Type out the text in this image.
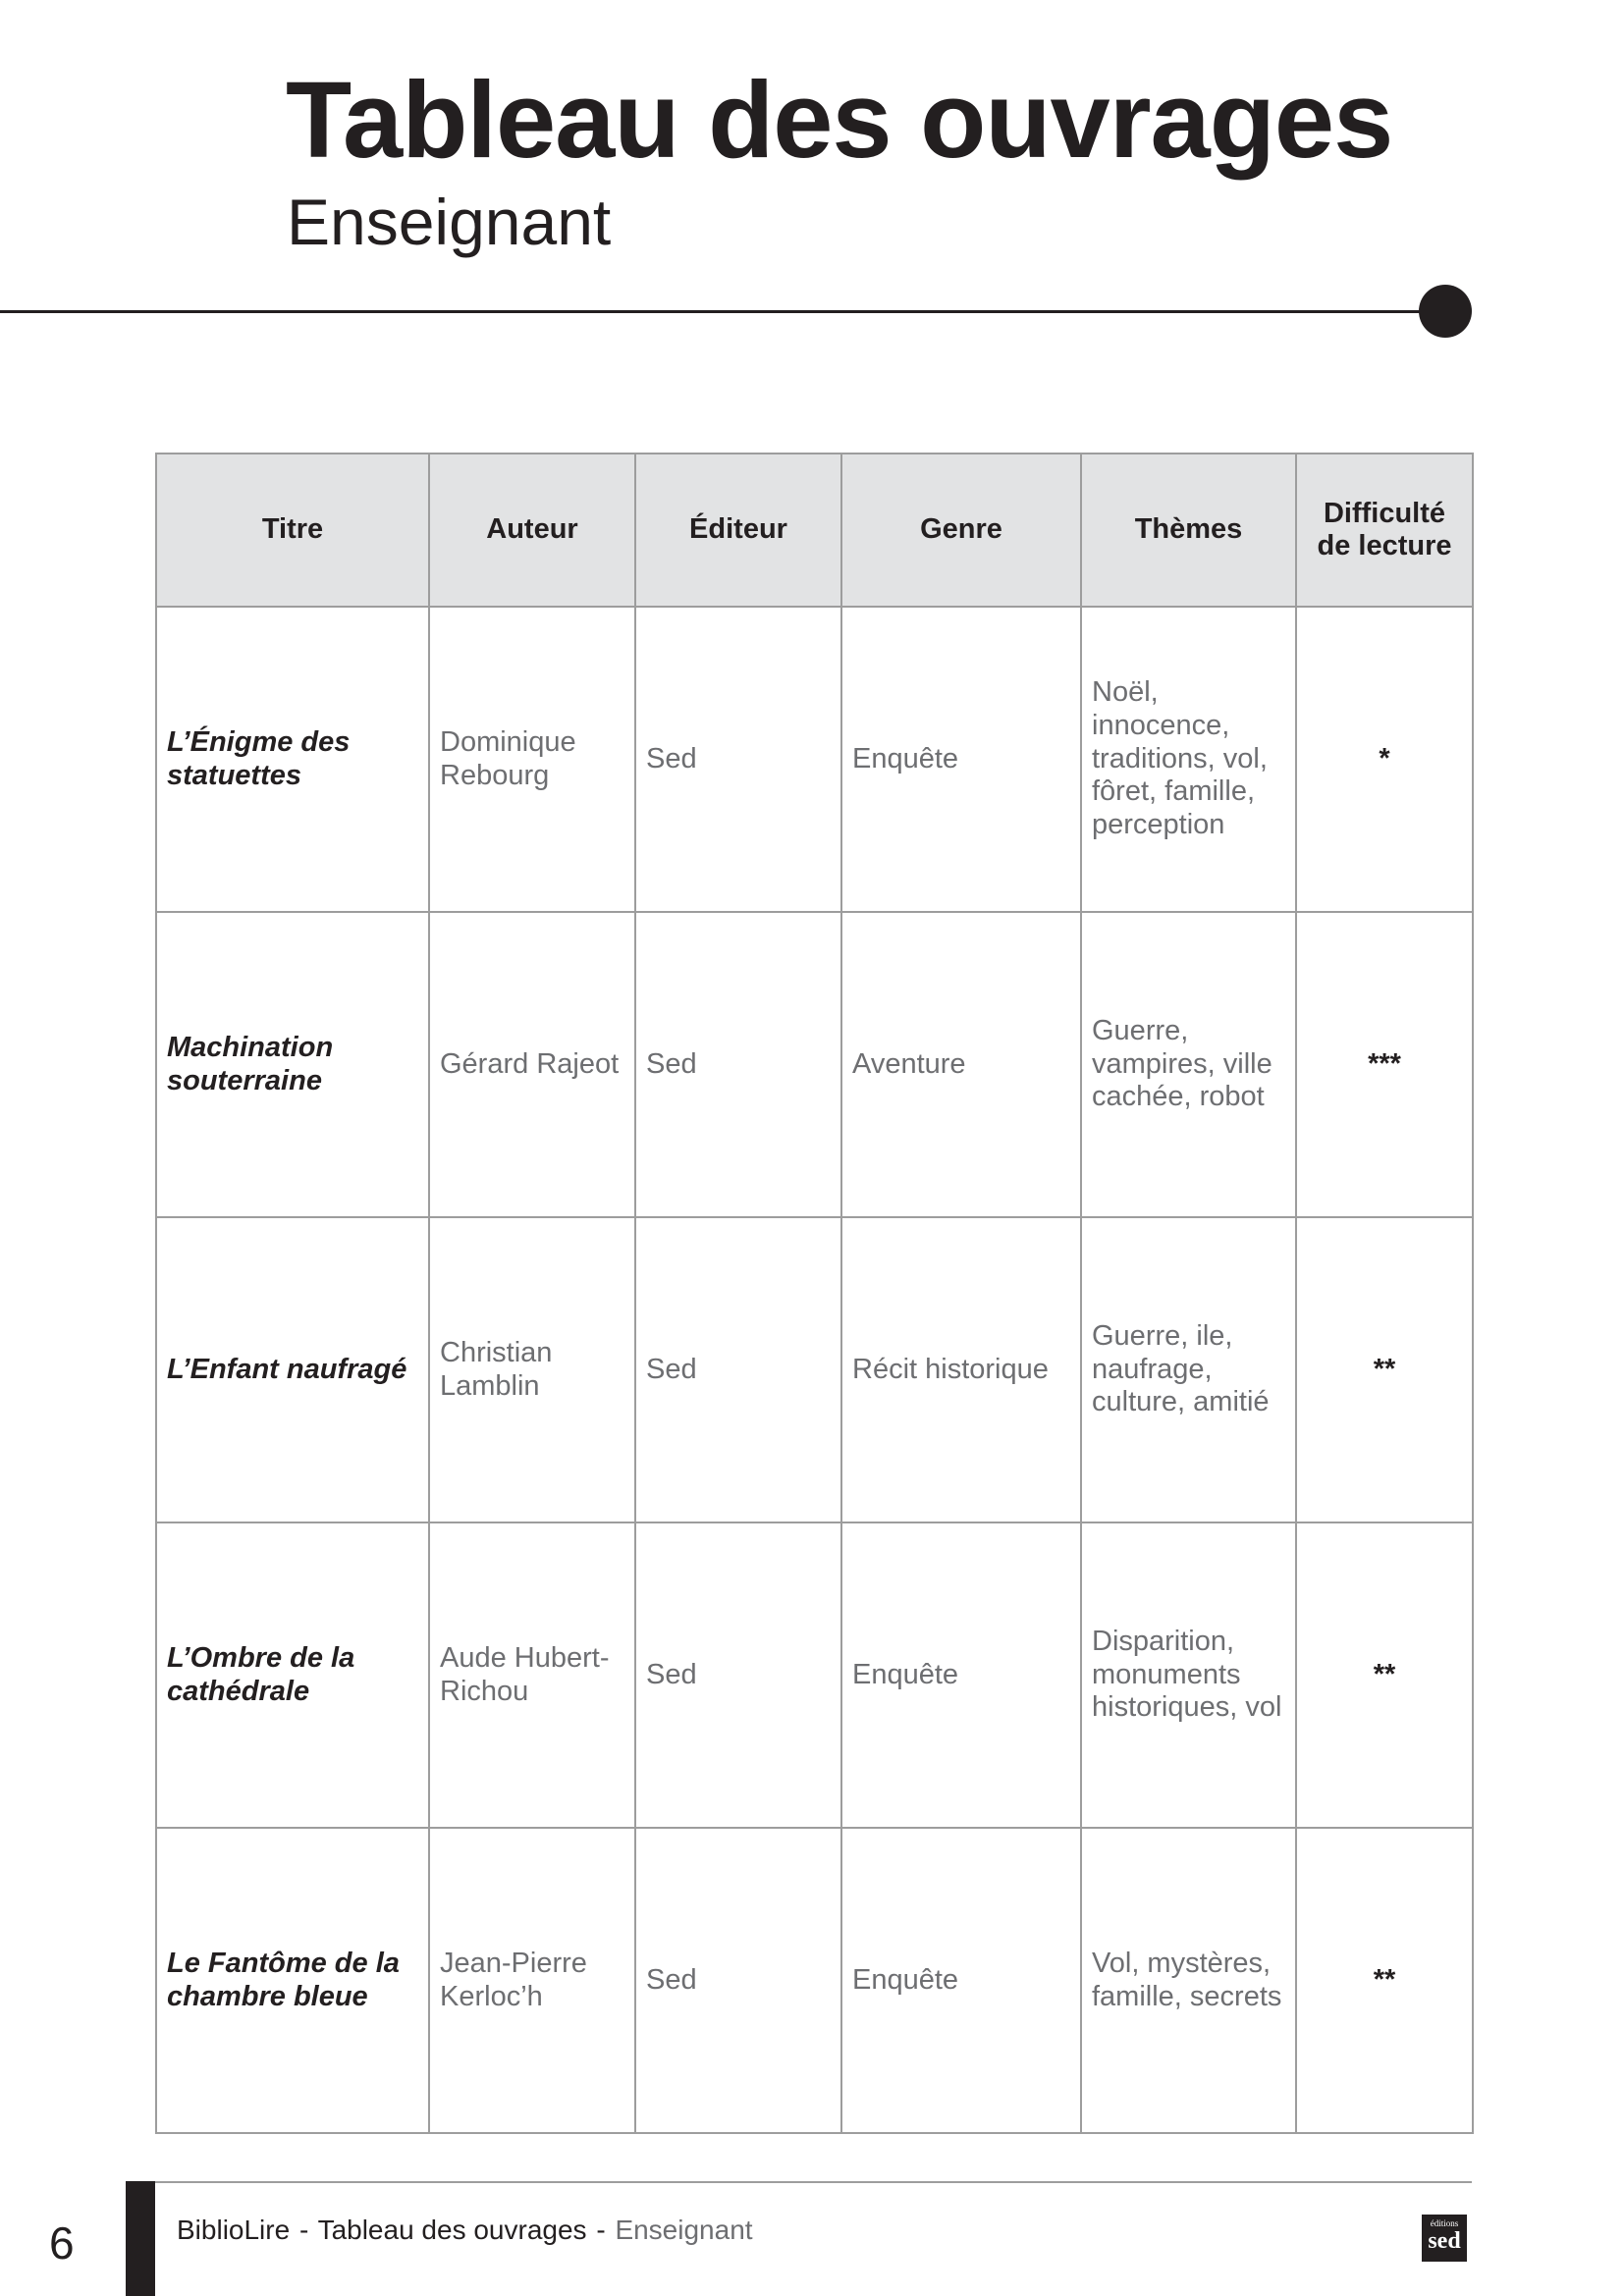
Tableau des ouvrages
Enseignant
Titre	Auteur	Éditeur	Genre	Thèmes	Difficulté de lecture
L’Énigme des statuettes	Dominique Rebourg	Sed	Enquête	Noël, innocence, traditions, vol, fôret, famille, perception	*
Machination souterraine	Gérard Rajeot	Sed	Aventure	Guerre, vampires, ville cachée, robot	***
L’Enfant naufragé	Christian Lamblin	Sed	Récit historique	Guerre, ile, naufrage, culture, amitié	**
L’Ombre de la cathédrale	Aude Hubert-Richou	Sed	Enquête	Disparition, monuments historiques, vol	**
Le Fantôme de la chambre bleue	Jean-Pierre Kerloc’h	Sed	Enquête	Vol, mystères, famille, secrets	**
6	BiblioLire - Tableau des ouvrages - Enseignant	éditions
sed
